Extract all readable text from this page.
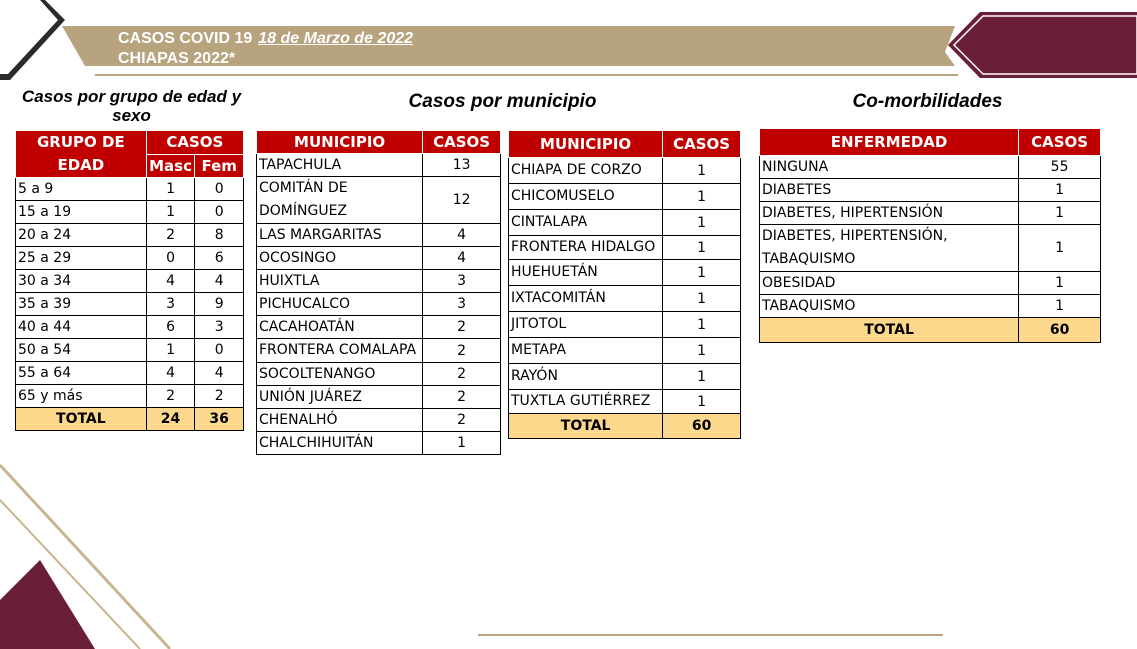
CASOS COVID 19 18 de Marzo de 2022
CHIAPAS 2022*
Casos por grupo de edad y sexo
Casos por municipio	Co-morbilidades
GRUPO DE EDAD	CASOS	
	Masc	Fem
5 a 9	1	0
15 a 19	1	0
20 a 24	2	8
25 a 29	0	6
30 a 34	4	4
35 a 39	3	9
40 a 44	6	3
50 a 54	1	0
55 a 64	4	4
65 y más	2	2
TOTAL	24	36
MUNICIPIO	CASOS
TAPACHULA	13
COMITÁN DE DOMÍNGUEZ	12
LAS MARGARITAS	4
OCOSINGO	4
HUIXTLA	3
PICHUCALCO	3
CACAHOATÁN	2
FRONTERA COMALAPA	2
SOCOLTENANGO	2
UNIÓN JUÁREZ	2
CHENALHÓ	2
CHALCHIHUITÁN	1
MUNICIPIO	CASOS
CHIAPA DE CORZO	1
CHICOMUSELO	1
CINTALAPA	1
FRONTERA HIDALGO	1
HUEHUETÁN	1
IXTACOMITÁN	1
JITOTOL	1
METAPA	1
RAYÓN	1
TUXTLA GUTIÉRREZ	1
TOTAL	60
ENFERMEDAD	CASOS
NINGUNA	55
DIABETES	1
DIABETES, HIPERTENSIÓN	1
DIABETES, HIPERTENSIÓN, TABAQUISMO	1
OBESIDAD	1
TABAQUISMO	1
TOTAL	60
